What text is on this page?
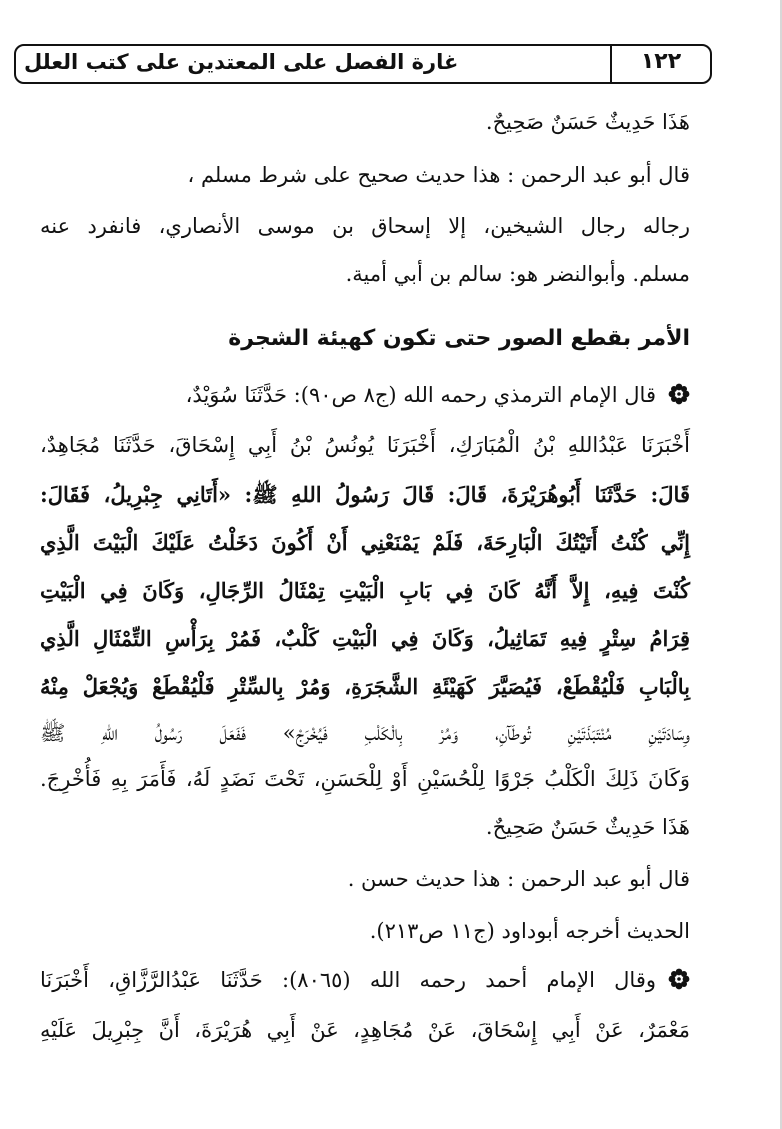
غارة الفصل على المعتدين على كتب العلل	١٢٢
هَذَا حَدِيثٌ حَسَنٌ صَحِيحٌ.
قال أبو عبد الرحمن : هذا حديث صحيح على شرط مسلم ،
رجاله رجال الشيخين، إلا إسحاق بن موسى الأنصاري، فانفرد عنه
مسلم. وأبوالنضر هو: سالم بن أبي أمية.
الأمر بقطع الصور حتى تكون كهيئة الشجرة
قال الإمام الترمذي رحمه الله (ج٨ ص٩٠): حَدَّثَنَا سُوَيْدٌ،
أَخْبَرَنَا عَبْدُاللهِ بْنُ الْمُبَارَكِ، أَخْبَرَنَا يُونُسُ بْنُ أَبِي إِسْحَاقَ، حَدَّثَنَا مُجَاهِدٌ،
قَالَ: حَدَّثَنَا أَبُوهُرَيْرَةَ، قَالَ: قَالَ رَسُولُ اللهِ ﷺ: «أَتَانِي جِبْرِيلُ، فَقَالَ:
إِنِّي كُنْتُ أَتَيْتُكَ الْبَارِحَةَ، فَلَمْ يَمْنَعْنِي أَنْ أَكُونَ دَخَلْتُ عَلَيْكَ الْبَيْتَ الَّذِي
كُنْتَ فِيهِ، إِلاَّ أَنَّهُ كَانَ فِي بَابِ الْبَيْتِ تِمْثَالُ الرِّجَالِ، وَكَانَ فِي الْبَيْتِ
قِرَامُ سِتْرٍ فِيهِ تَمَاثِيلُ، وَكَانَ فِي الْبَيْتِ كَلْبٌ، فَمُرْ بِرَأْسِ التِّمْثَالِ الَّذِي
بِالْبَابِ فَلْيُقْطَعْ، فَيُصَيَّرَ كَهَيْئَةِ الشَّجَرَةِ، وَمُرْ بِالسِّتْرِ فَلْيُقْطَعْ وَيُجْعَلْ مِنْهُ
وِسَادَتَيْنِ مُنْتَبَذَتَيْنِ تُوطَآنِ، وَمُرْ بِالْكَلْبِ فَيُخْرَجْ» فَفَعَلَ رَسُولُ اللهِ ﷺ
وَكَانَ ذَلِكَ الْكَلْبُ جَرْوًا لِلْحُسَيْنِ أَوْ لِلْحَسَنِ، تَحْتَ نَضَدٍ لَهُ، فَأَمَرَ بِهِ فَأُخْرِجَ.
هَذَا حَدِيثٌ حَسَنٌ صَحِيحٌ.
قال أبو عبد الرحمن : هذا حديث حسن .
الحديث أخرجه أبوداود (ج١١ ص٢١٣).
وقال الإمام أحمد رحمه الله (٨٠٦٥): حَدَّثَنَا عَبْدُالرَّزَّاقِ، أَخْبَرَنَا
مَعْمَرٌ، عَنْ أَبِي إِسْحَاقَ، عَنْ مُجَاهِدٍ، عَنْ أَبِي هُرَيْرَةَ، أَنَّ جِبْرِيلَ عَلَيْهِ
